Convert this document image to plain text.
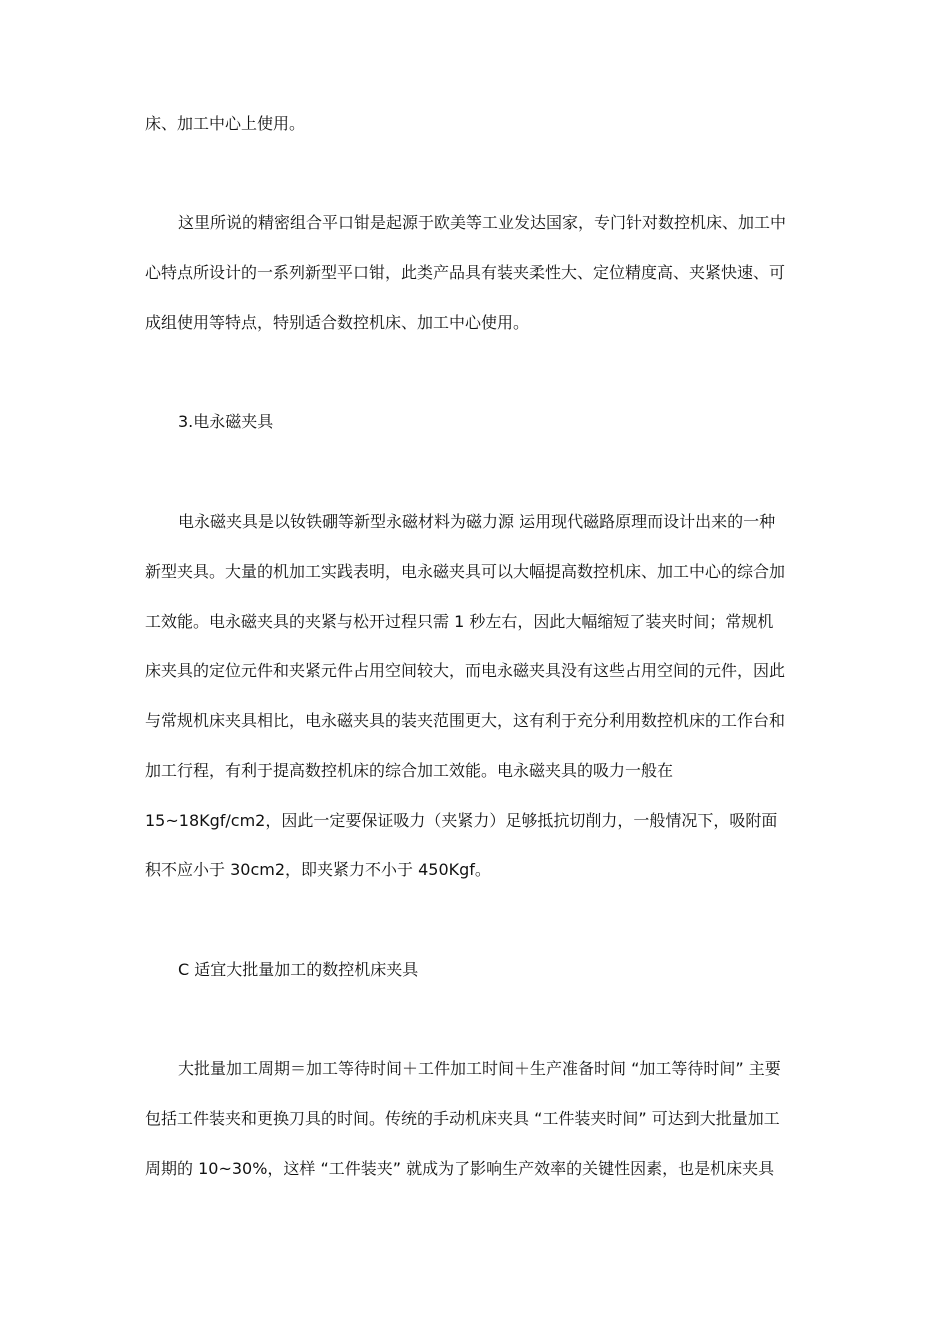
床、加工中心上使用。
这里所说的精密组合平口钳是起源于欧美等工业发达国家，专门针对数控机床、加工中
心特点所设计的一系列新型平口钳，此类产品具有装夹柔性大、定位精度高、夹紧快速、可
成组使用等特点，特别适合数控机床、加工中心使用。
3.电永磁夹具
电永磁夹具是以钕铁硼等新型永磁材料为磁力源 运用现代磁路原理而设计出来的一种
新型夹具。大量的机加工实践表明，电永磁夹具可以大幅提高数控机床、加工中心的综合加
工效能。电永磁夹具的夹紧与松开过程只需 1 秒左右，因此大幅缩短了装夹时间；常规机
床夹具的定位元件和夹紧元件占用空间较大，而电永磁夹具没有这些占用空间的元件，因此
与常规机床夹具相比，电永磁夹具的装夹范围更大，这有利于充分利用数控机床的工作台和
加工行程，有利于提高数控机床的综合加工效能。电永磁夹具的吸力一般在
15~18Kgf/cm2，因此一定要保证吸力（夹紧力）足够抵抗切削力，一般情况下，吸附面
积不应小于 30cm2，即夹紧力不小于 450Kgf。
C 适宜大批量加工的数控机床夹具
大批量加工周期＝加工等待时间＋工件加工时间＋生产准备时间 “加工等待时间” 主要
包括工件装夹和更换刀具的时间。传统的手动机床夹具 “工件装夹时间” 可达到大批量加工
周期的 10~30%，这样 “工件装夹” 就成为了影响生产效率的关键性因素，也是机床夹具
